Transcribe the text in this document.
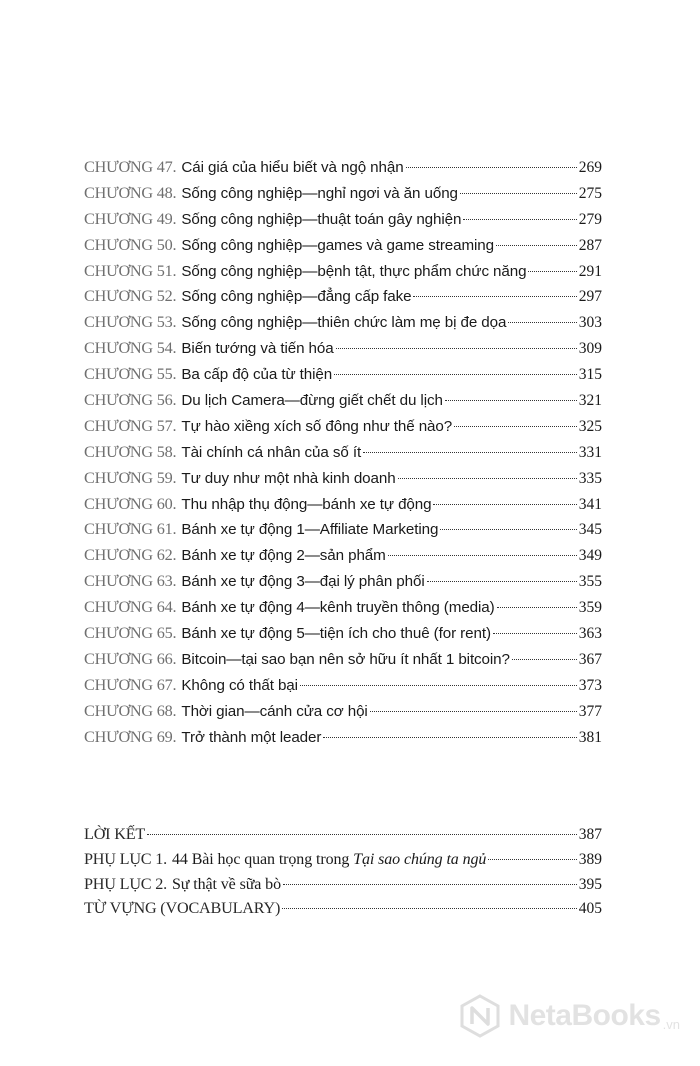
CHƯƠNG 47. Cái giá của hiểu biết và ngộ nhận	269
CHƯƠNG 48. Sống công nghiệp—nghỉ ngơi và ăn uống	275
CHƯƠNG 49. Sống công nghiệp—thuật toán gây nghiện	279
CHƯƠNG 50. Sống công nghiệp—games và game streaming	287
CHƯƠNG 51. Sống công nghiệp—bệnh tật, thực phẩm chức năng	291
CHƯƠNG 52. Sống công nghiệp—đẳng cấp fake	297
CHƯƠNG 53. Sống công nghiệp—thiên chức làm mẹ bị đe dọa	303
CHƯƠNG 54. Biến tướng và tiến hóa	309
CHƯƠNG 55. Ba cấp độ của từ thiện	315
CHƯƠNG 56. Du lịch Camera—đừng giết chết du lịch	321
CHƯƠNG 57. Tự hào xiềng xích số đông như thế nào?	325
CHƯƠNG 58. Tài chính cá nhân của số ít	331
CHƯƠNG 59. Tư duy như một nhà kinh doanh	335
CHƯƠNG 60. Thu nhập thụ động—bánh xe tự động	341
CHƯƠNG 61. Bánh xe tự động 1—Affiliate Marketing	345
CHƯƠNG 62. Bánh xe tự động 2—sản phẩm	349
CHƯƠNG 63. Bánh xe tự động 3—đại lý phân phối	355
CHƯƠNG 64. Bánh xe tự động 4—kênh truyền thông (media)	359
CHƯƠNG 65. Bánh xe tự động 5—tiện ích cho thuê (for rent)	363
CHƯƠNG 66. Bitcoin—tại sao bạn nên sở hữu ít nhất 1 bitcoin?	367
CHƯƠNG 67. Không có thất bại	373
CHƯƠNG 68. Thời gian—cánh cửa cơ hội	377
CHƯƠNG 69. Trở thành một leader	381
LỜI KẾT	387
PHỤ LỤC 1. 44 Bài học quan trọng trong Tại sao chúng ta ngủ	389
PHỤ LỤC 2. Sự thật về sữa bò	395
TỪ VỰNG (VOCABULARY)	405
NetaBooks .vn
